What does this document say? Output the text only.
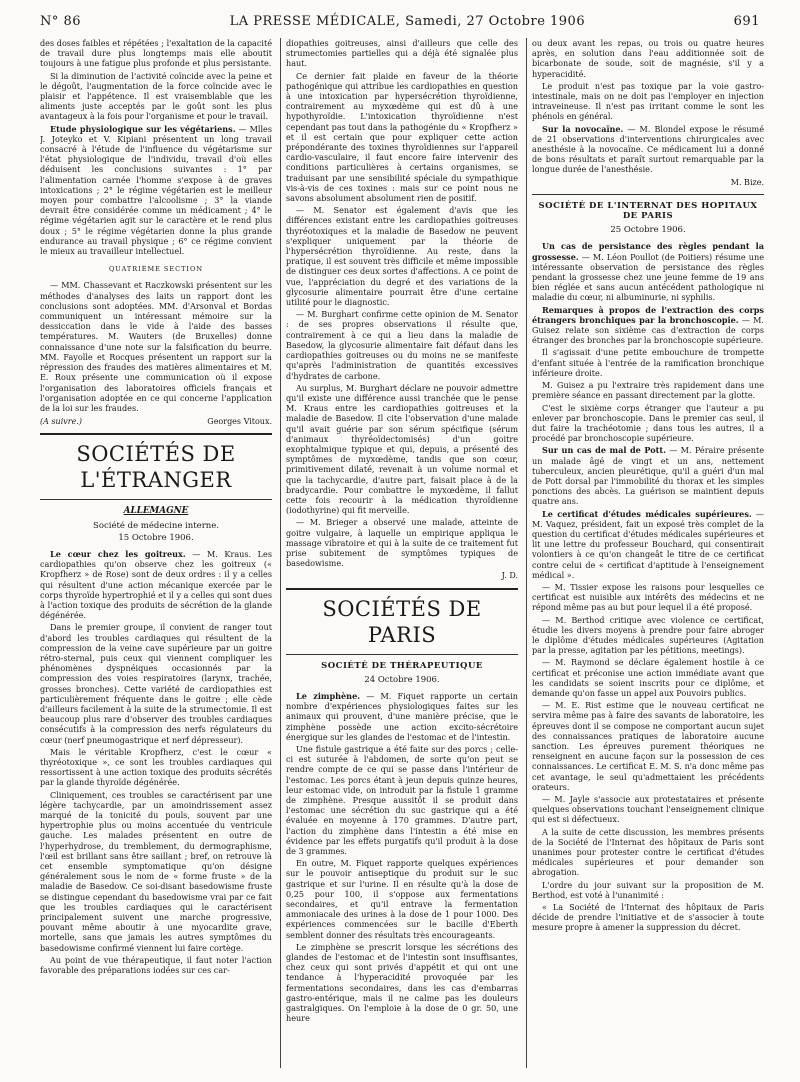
N° 86	LA PRESSE MÉDICALE, Samedi, 27 Octobre 1906	691

des doses faibles et répétées ; l'exaltation de la capacité de travail dure plus longtemps mais elle aboutit toujours à une fatigue plus profonde et plus persistante.

Si la diminution de l'activité coïncide avec la peine et le dégoût, l'augmentation de la force coïncide avec le plaisir et l'appétence. Il est vraisemblable que les aliments juste acceptés par le goût sont les plus avantageux à la fois pour l'organisme et pour le travail.

Etude physiologique sur les végétariens. — Mlles J. Joteyko et V. Kipiani présentent un long travail consacré à l'étude de l'influence du végétarisme sur l'état physiologique de l'individu, travail d'où elles déduisent les conclusions suivantes : 1° par l'alimentation carnée l'homme s'expose à de graves intoxications ; 2° le régime végétarien est le meilleur moyen pour combattre l'alcoolisme ; 3° la viande devrait être considérée comme un médicament ; 4° le régime végétarien agit sur le caractère et le rend plus doux ; 5° le régime végétarien donne la plus grande endurance au travail physique ; 6° ce régime convient le mieux au travailleur intellectuel.

QUATRIÈME SECTION

— MM. Chassevant et Raczkowski présentent sur les méthodes d'analyses des laits un rapport dont les conclusions sont adoptées. MM. d'Arsonval et Bordas communiquent un intéressant mémoire sur la dessiccation dans le vide à l'aide des basses températures. M. Wauters (de Bruxelles) donne connaissance d'une note sur la falsification du beurre. MM. Fayolle et Rocques présentent un rapport sur la répression des fraudes des matières alimentaires et M. E. Roux présente une communication où il expose l'organisation des laboratoires officiels français et l'organisation adoptée en ce qui concerne l'application de la loi sur les fraudes.

(A suivre.)	Georges Vitoux.
SOCIÉTÉS DE L'ÉTRANGER
ALLEMAGNE
Société de médecine interne.
15 Octobre 1906.

Le cœur chez les goitreux. — M. Kraus. Les cardiopathies qu'on observe chez les goitreux (« Kropfherz » de Rose) sont de deux ordres : il y a celles qui résultent d'une action mécanique exercée par le corps thyroïde hypertrophié et il y a celles qui sont dues à l'action toxique des produits de sécrétion de la glande dégénérée.

Dans le premier groupe, il convient de ranger tout d'abord les troubles cardiaques qui résultent de la compression de la veine cave supérieure par un goitre rétro-sternal, puis ceux qui viennent compliquer les phénomènes dyspnéiques occasionnés par la compression des voies respiratoires (larynx, trachée, grosses bronches). Cette variété de cardiopathies est particulièrement fréquente dans le goitre ; elle cède d'ailleurs facilement à la suite de la strumectomie. Il est beaucoup plus rare d'observer des troubles cardiaques consécutifs à la compression des nerfs régulateurs du cœur (nerf pneumogastrique et nerf dépresseur).

Mais le véritable Kropfherz, c'est le cœur « thyréotoxique », ce sont les troubles cardiaques qui ressortissent à une action toxique des produits sécrétés par la glande thyroïde dégénérée.

Cliniquement, ces troubles se caractérisent par une légère tachycardie, par un amoindrissement assez marqué de la tonicité du pouls, souvent par une hypertrophie plus ou moins accentuée du ventricule gauche. Les malades présentent en outre de l'hyperhydrose, du tremblement, du dermographisme, l'œil est brillant sans être saillant ; bref, on retrouve là cet ensemble symptomatique qu'on désigne généralement sous le nom de « forme fruste » de la maladie de Basedow. Ce soi-disant basedowisme fruste se distingue cependant du basedowisme vrai par ce fait que les troubles cardiaques qui le caractérisent principalement suivent une marche progressive, pouvant même aboutir à une myocardite grave, mortelle, sans que jamais les autres symptômes du basedowisme confirmé viennent lui faire cortège.

Au point de vue thérapeutique, il faut noter l'action favorable des préparations iodées sur ces car-

diopathies goitreuses, ainsi d'ailleurs que celle des strumectomies partielles qui a déjà été signalée plus haut.

Ce dernier fait plaide en faveur de la théorie pathogénique qui attribue les cardiopathies en question à une intoxication par hypersécrétion thyroïdienne, contrairement au myxœdème qui est dû à une hypothyroïdie. L'intoxication thyroïdienne n'est cependant pas tout dans la pathogénie du « Kropfherz » et il est certain que pour expliquer cette action prépondérante des toxines thyroïdiennes sur l'appareil cardio-vasculaire, il faut encore faire intervenir des conditions particulières à certains organismes, se traduisant par une sensibilité spéciale du sympathique vis-à-vis de ces toxines : mais sur ce point nous ne savons absolument absolument rien de positif.

— M. Senator est également d'avis que les différences existant entre les cardiopathies goitreuses thyréotoxiques et la maladie de Basedow ne peuvent s'expliquer uniquement par la théorie de l'hypersécrétion thyroïdienne. Au reste, dans la pratique, il est souvent très difficile et même impossible de distinguer ces deux sortes d'affections. A ce point de vue, l'appréciation du degré et des variations de la glycosurie alimentaire pourrait être d'une certaine utilité pour le diagnostic.

— M. Burghart confirme cette opinion de M. Senator : de ses propres observations il résulte que, contrairement à ce qui a lieu dans la maladie de Basedow, la glycosurie alimentaire fait défaut dans les cardiopathies goitreuses ou du moins ne se manifeste qu'après l'administration de quantités excessives d'hydrates de carbone.

Au surplus, M. Burghart déclare ne pouvoir admettre qu'il existe une différence aussi tranchée que le pense M. Kraus entre les cardiopathies goitreuses et la maladie de Basedow. Il cite l'observation d'une malade qu'il avait guérie par son sérum spécifique (sérum d'animaux thyréoïdectomisés) d'un goitre exophtalmique typique et qui, depuis, a présenté des symptômes de myxœdème, tandis que son cœur, primitivement dilaté, revenait à un volume normal et que la tachycardie, d'autre part, faisait place à de la bradycardie. Pour combattre le myxœdème, il fallut cette fois recourir à la médication thyroïdienne (iodothyrine) qui fit merveille.

— M. Brieger a observé une malade, atteinte de goitre vulgaire, à laquelle un empirique appliqua le massage vibratoire et qui à la suite de ce traitement fut prise subitement de symptômes typiques de basedowisme.

J. D.
SOCIÉTÉS DE PARIS
SOCIÉTÉ DE THÉRAPEUTIQUE
24 Octobre 1906.

Le zimphène. — M. Fiquet rapporte un certain nombre d'expériences physiologiques faites sur les animaux qui prouvent, d'une manière précise, que le zimphène possède une action excito-sécrétoire énergique sur les glandes de l'estomac et de l'intestin.

Une fistule gastrique a été faite sur des porcs ; celle-ci est suturée à l'abdomen, de sorte qu'on peut se rendre compte de ce qui se passe dans l'intérieur de l'estomac. Les porcs étant à jeun depuis quinze heures, leur estomac vide, on introduit par la fistule 1 gramme de zimphène. Presque aussitôt il se produit dans l'estomac une sécrétion du suc gastrique qui a été évaluée en moyenne à 170 grammes. D'autre part, l'action du zimphène dans l'intestin a été mise en évidence par les effets purgatifs qu'il produit à la dose de 3 grammes.

En outre, M. Fiquet rapporte quelques expériences sur le pouvoir antiseptique du produit sur le suc gastrique et sur l'urine. Il en résulte qu'à la dose de 0,25 pour 100, il s'oppose aux fermentations secondaires, et qu'il entrave la fermentation ammoniacale des urines à la dose de 1 pour 1000. Des expériences commencées sur le bacille d'Eberth semblent donner des résultats très encourageants.

Le zimphène se prescrit lorsque les sécrétions des glandes de l'estomac et de l'intestin sont insuffisantes, chez ceux qui sont privés d'appétit et qui ont une tendance à l'hyperacidité provoquée par les fermentations secondaires, dans les cas d'embarras gastro-entérique, mais il ne calme pas les douleurs gastralgiques. On l'emploie à la dose de 0 gr. 50, une heure

ou deux avant les repas, ou trois ou quatre heures après, en solution dans l'eau additionnée soit de bicarbonate de soude, soit de magnésie, s'il y a hyperacidité.

Le produit n'est pas toxique par la voie gastro-intestinale, mais on ne doit pas l'employer en injection intraveineuse. Il n'est pas irritant comme le sont les phénols en général.

Sur la novocaïne. — M. Blondel expose le résumé de 21 observations d'interventions chirurgicales avec anesthésie à la novocaïne. Ce médicament lui a donné de bons résultats et paraît surtout remarquable par la longue durée de l'anesthésie.

M. Bize.
SOCIÉTÉ DE L'INTERNAT DES HOPITAUX DE PARIS
25 Octobre 1906.

Un cas de persistance des règles pendant la grossesse. — M. Léon Poullot (de Poitiers) résume une intéressante observation de persistance des règles pendant la grossesse chez une jeune femme de 19 ans bien réglée et sans aucun antécédent pathologique ni maladie du cœur, ni albuminurie, ni syphilis.

Remarques à propos de l'extraction des corps étrangers bronchiques par la bronchoscopie. — M. Guisez relate son sixième cas d'extraction de corps étranger des bronches par la bronchoscopie supérieure.

Il s'agissait d'une petite embouchure de trompette d'enfant située à l'entrée de la ramification bronchique inférieure droite.

M. Guisez a pu l'extraire très rapidement dans une première séance en passant directement par la glotte.

C'est le sixième corps étranger que l'auteur a pu enlever par bronchoscopie. Dans le premier cas seul, il dut faire la trachéotomie ; dans tous les autres, il a procédé par bronchoscopie supérieure.

Sur un cas de mal de Pott. — M. Péraire présente un malade âgé de vingt et un ans, nettement tuberculeux, ancien pleurétique, qu'il a guéri d'un mal de Pott dorsal par l'immobilité du thorax et les simples ponctions des abcès. La guérison se maintient depuis quatre ans.

Le certificat d'études médicales supérieures. — M. Vaquez, président, fait un exposé très complet de la question du certificat d'études médicales supérieures et lit une lettre du professeur Bouchard, qui consentirait volontiers à ce qu'on changeât le titre de ce certificat contre celui de « certificat d'aptitude à l'enseignement médical ».

— M. Tissier expose les raisons pour lesquelles ce certificat est nuisible aux intérêts des médecins et ne répond même pas au but pour lequel il a été proposé.

— M. Berthod critique avec violence ce certificat, étudie les divers moyens à prendre pour faire abroger le diplôme d'études médicales supérieures (Agitation par la presse, agitation par les pétitions, meetings).

— M. Raymond se déclare également hostile à ce certificat et préconise une action immédiate avant que les candidats se soient inscrits pour ce diplôme, et demande qu'on fasse un appel aux Pouvoirs publics.

— M. E. Rist estime que le nouveau certificat ne servira même pas à faire des savants de laboratoire, les épreuves dont il se compose ne comportant aucun sujet des connaissances pratiques de laboratoire aucune sanction. Les épreuves purement théoriques ne renseignent en aucune façon sur la possession de ces connaissances. Le certificat E. M. S. n'a donc même pas cet avantage, le seul qu'admettaient les précédents orateurs.

— M. Jayle s'associe aux protestataires et présente quelques observations touchant l'enseignement clinique qui est si défectueux.

A la suite de cette discussion, les membres présents de la Société de l'Internat des hôpitaux de Paris sont unanimes pour protester contre le certificat d'études médicales supérieures et pour demander son abrogation.

L'ordre du jour suivant sur la proposition de M. Berthod, est voté à l'unanimité :

« La Société de l'Internat des hôpitaux de Paris décide de prendre l'initiative et de s'associer à toute mesure propre à amener la suppression du décret.
